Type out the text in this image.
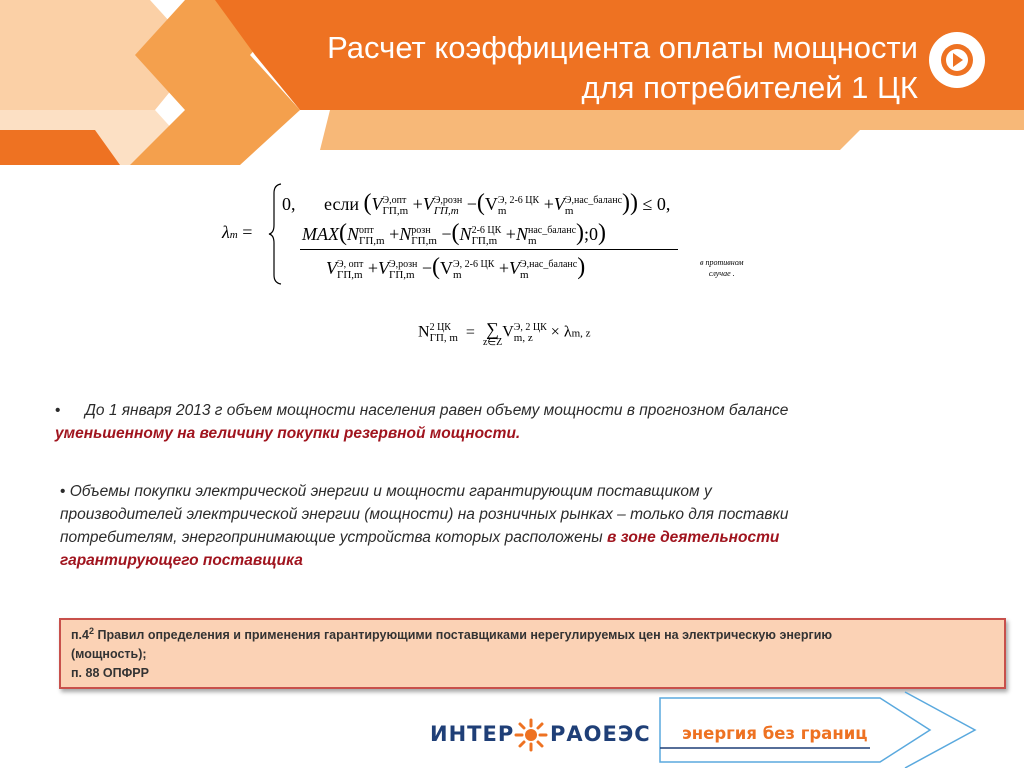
Расчет коэффициента оплаты мощности
для потребителей 1 ЦК
λm =
0, если (V Э,опт
ГП,m +V Э,розн
ГП,m −(V Э, 2-6 ЦК
m	+V Э,нас_баланс
m	)) ≤ 0,
MAX(N опт
ГП,m +N розн
ГП,m −(N 2-6 ЦК
ГП,m +N нас_баланс
m	);0)
V Э, опт
ГП,m +V Э,розн
ГП,m −(V Э, 2-6 ЦК
m	+V Э,нас_баланс
m	)	в противном
случае .
N 2 ЦК
ГП, m = ∑
z∈Z
V Э, 2 ЦК
m, z	× λm, z
• До 1 января 2013 г объем мощности населения равен объему мощности в прогнозном балансе
уменьшенному на величину покупки резервной мощности.
• Объемы покупки электрической энергии и мощности гарантирующим поставщиком у
производителей электрической энергии (мощности) на розничных рынках – только для поставки
потребителям, энергопринимающие устройства которых расположены в зоне деятельности
гарантирующего поставщика
$п.4^2$ Правил определения и применения гарантирующими поставщиками нерегулируемых цен на электрическую энергию
(мощность);
п. 88 ОПФРР
ИНТЕР РАОЕЭС энергия без границ
